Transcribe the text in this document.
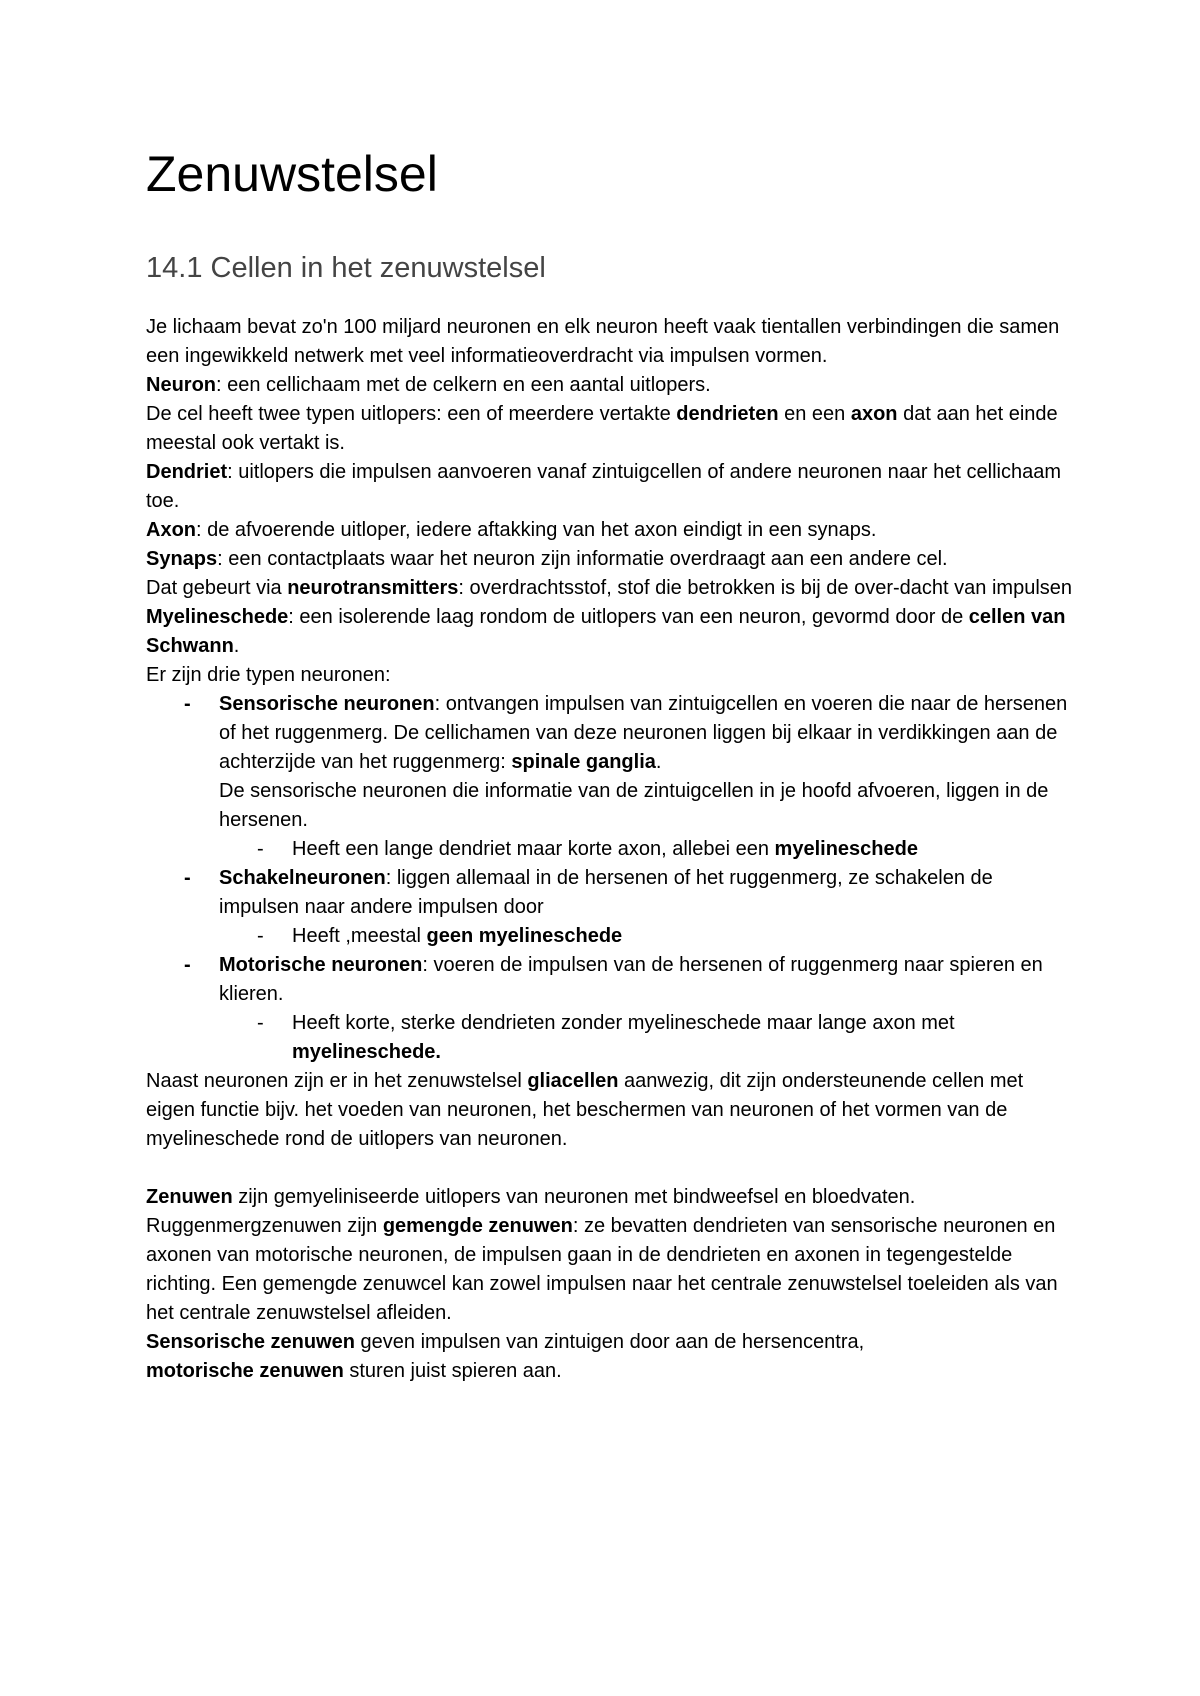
Zenuwstelsel
14.1 Cellen in het zenuwstelsel

Je lichaam bevat zo'n 100 miljard neuronen en elk neuron heeft vaak tientallen verbindingen die samen een ingewikkeld netwerk met veel informatieoverdracht via impulsen vormen.

Neuron: een cellichaam met de celkern en een aantal uitlopers.

De cel heeft twee typen uitlopers: een of meerdere vertakte dendrieten en een axon dat aan het einde meestal ook vertakt is.

Dendriet: uitlopers die impulsen aanvoeren vanaf zintuigcellen of andere neuronen naar het cellichaam toe.

Axon: de afvoerende uitloper, iedere aftakking van het axon eindigt in een synaps.

Synaps: een contactplaats waar het neuron zijn informatie overdraagt aan een andere cel.

Dat gebeurt via neurotransmitters: overdrachtsstof, stof die betrokken is bij de over-dacht van impulsen

Myelineschede: een isolerende laag rondom de uitlopers van een neuron, gevormd door de cellen van Schwann.

Er zijn drie typen neuronen:

- Sensorische neuronen: ontvangen impulsen van zintuigcellen en voeren die naar de hersenen of het ruggenmerg. De cellichamen van deze neuronen liggen bij elkaar in verdikkingen aan de achterzijde van het ruggenmerg: spinale ganglia.
De sensorische neuronen die informatie van de zintuigcellen in je hoofd afvoeren, liggen in de hersenen.
- Heeft een lange dendriet maar korte axon, allebei een myelineschede
- Schakelneuronen: liggen allemaal in de hersenen of het ruggenmerg, ze schakelen de impulsen naar andere impulsen door
- Heeft ,meestal geen myelineschede
- Motorische neuronen: voeren de impulsen van de hersenen of ruggenmerg naar spieren en klieren.
- Heeft korte, sterke dendrieten zonder myelineschede maar lange axon met myelineschede.

Naast neuronen zijn er in het zenuwstelsel gliacellen aanwezig, dit zijn ondersteunende cellen met eigen functie bijv. het voeden van neuronen, het beschermen van neuronen of het vormen van de myelineschede rond de uitlopers van neuronen.

Zenuwen zijn gemyeliniseerde uitlopers van neuronen met bindweefsel en bloedvaten.

Ruggenmergzenuwen zijn gemengde zenuwen: ze bevatten dendrieten van sensorische neuronen en axonen van motorische neuronen, de impulsen gaan in de dendrieten en axonen in tegengestelde richting. Een gemengde zenuwcel kan zowel impulsen naar het centrale zenuwstelsel toeleiden als van het centrale zenuwstelsel afleiden.

Sensorische zenuwen geven impulsen van zintuigen door aan de hersencentra,
motorische zenuwen sturen juist spieren aan.
